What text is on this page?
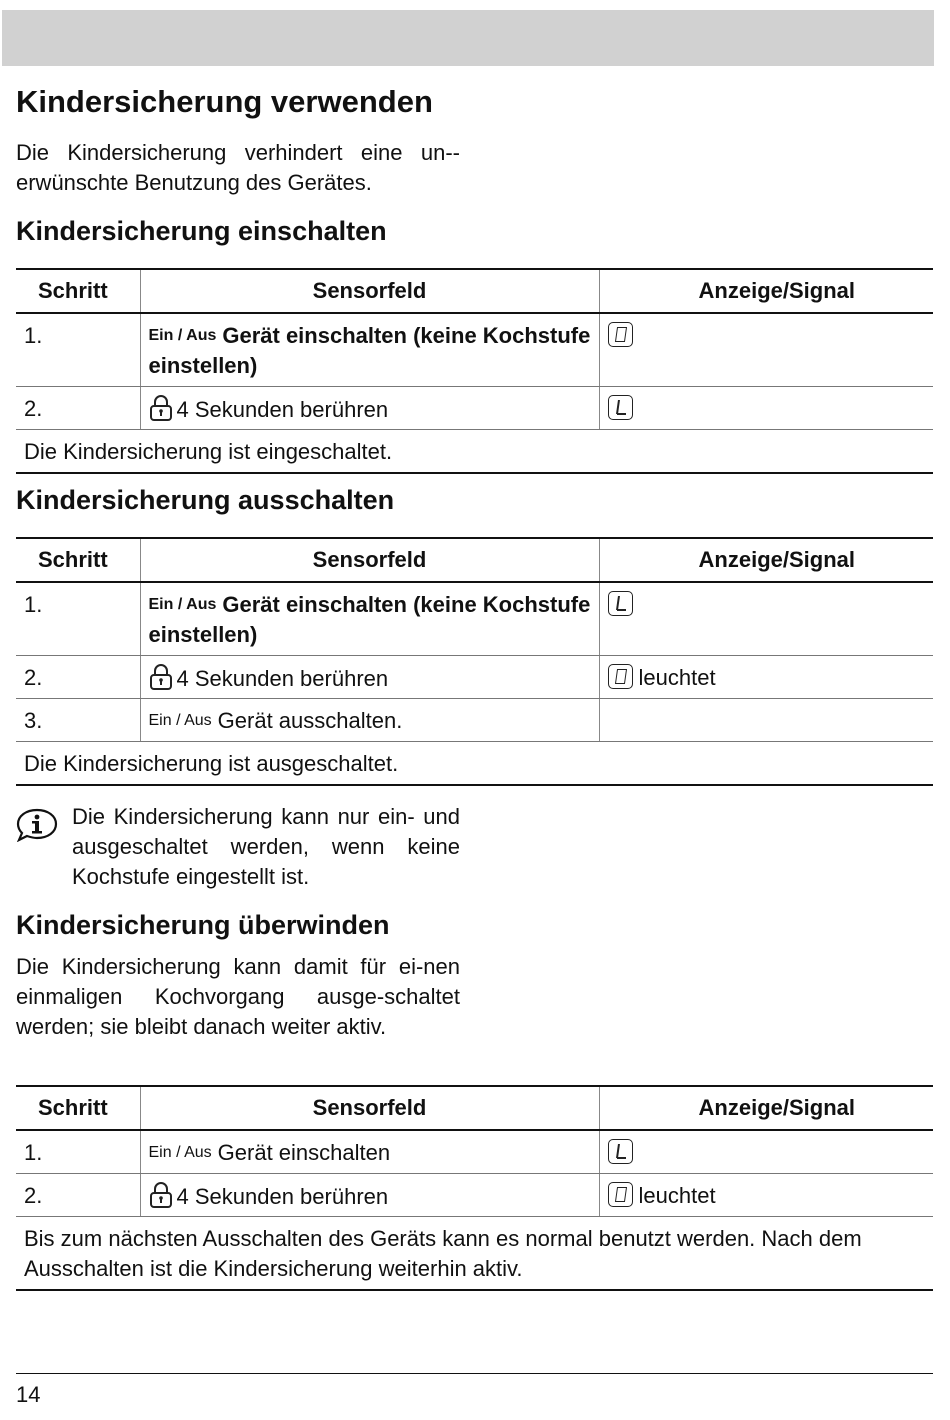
Kindersicherung verwenden

Die Kindersicherung verhindert eine un-erwünschte Benutzung des Gerätes.

Kindersicherung einschalten
Schritt	Sensorfeld	Anzeige/Signal
1.	Ein / Aus Gerät einschalten (keine Kochstufe einstellen)	
2.	4 Sekunden berühren	
Die Kindersicherung ist eingeschaltet.		
Kindersicherung ausschalten
Schritt	Sensorfeld	Anzeige/Signal
1.	Ein / Aus Gerät einschalten (keine Kochstufe einstellen)	
2.	4 Sekunden berühren	leuchtet
3.	Ein / Aus Gerät ausschalten.	
Die Kindersicherung ist ausgeschaltet.		

Die Kindersicherung kann nur ein- und ausgeschaltet werden, wenn keine Kochstufe eingestellt ist.

Kindersicherung überwinden

Die Kindersicherung kann damit für ei-nen einmaligen Kochvorgang ausge-schaltet werden; sie bleibt danach weiter aktiv.

Schritt	Sensorfeld	Anzeige/Signal
1.	Ein / Aus Gerät einschalten	
2.	4 Sekunden berühren	leuchtet
Bis zum nächsten Ausschalten des Geräts kann es normal benutzt werden. Nach dem Ausschalten ist die Kindersicherung weiterhin aktiv.		
14
